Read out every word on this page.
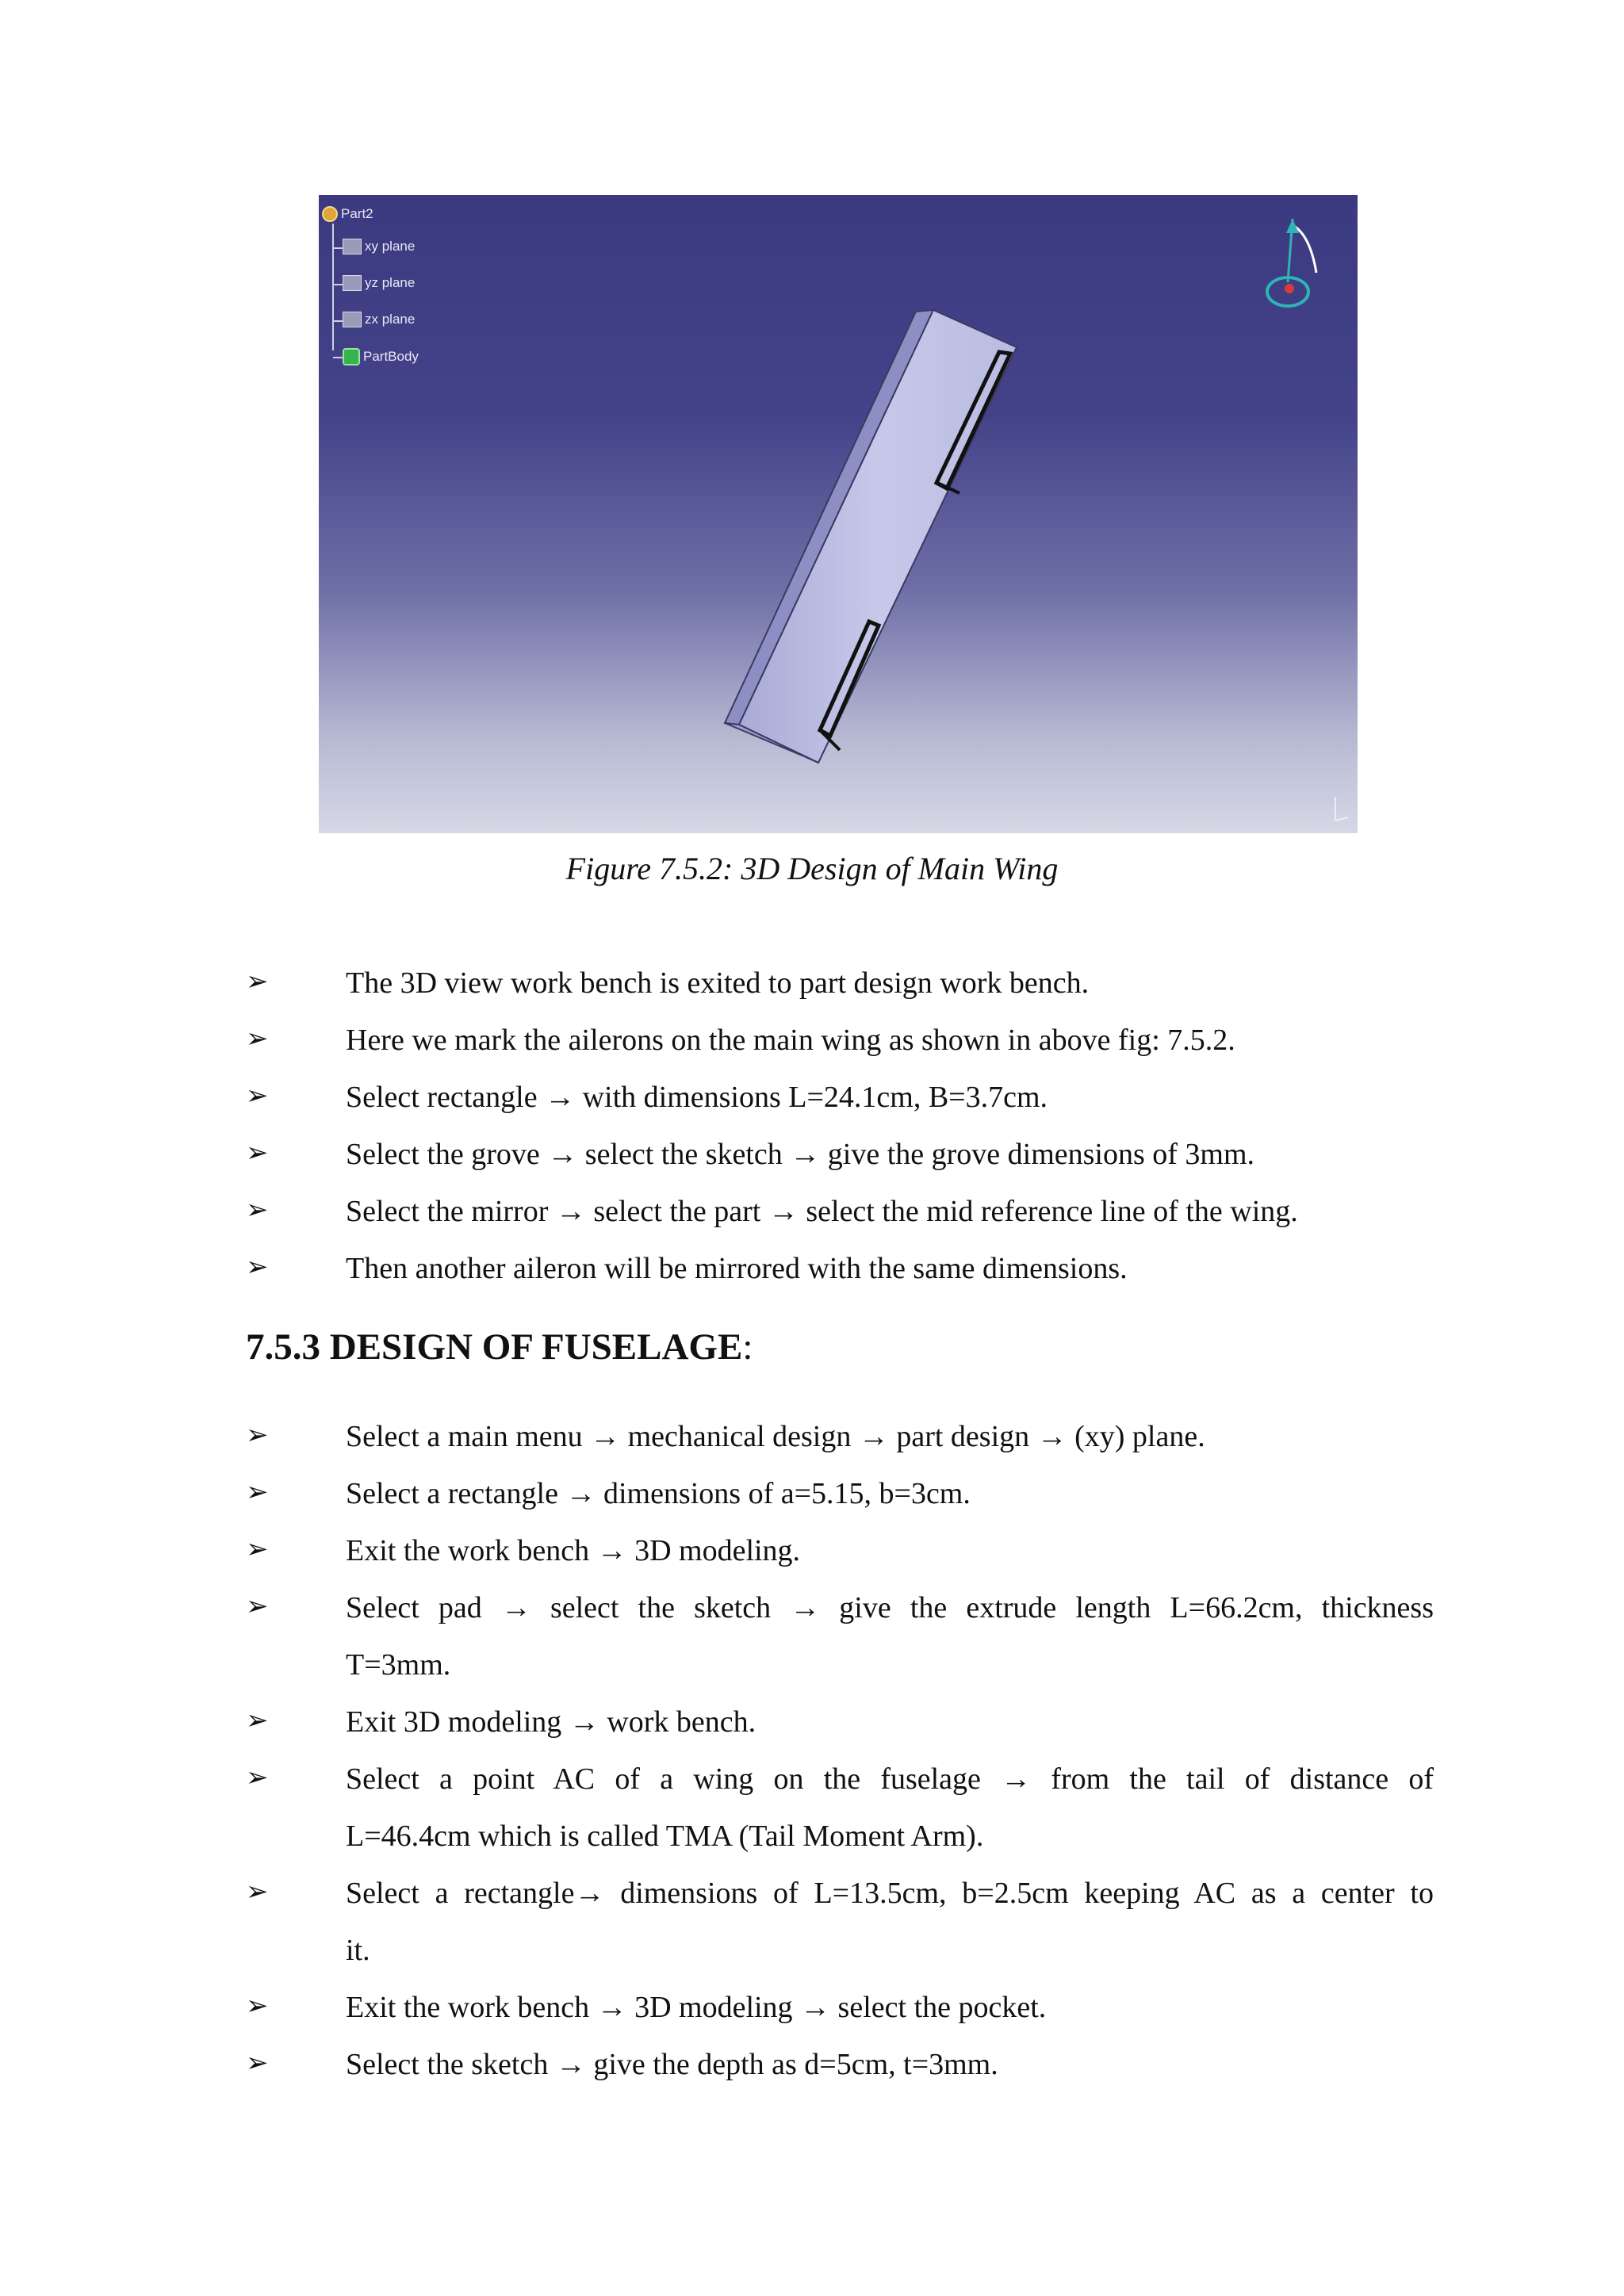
Part2
xy plane
yz plane
zx plane
PartBody
Figure 7.5.2: 3D Design of Main Wing
➢	The 3D view work bench is exited to part design work bench.
➢	Here we mark the ailerons on the main wing as shown in above fig: 7.5.2.
➢	Select rectangle → with dimensions L=24.1cm, B=3.7cm.
➢	Select the grove → select the sketch → give the grove dimensions of 3mm.
➢	Select the mirror → select the part → select the mid reference line of the wing.
➢	Then another aileron will be mirrored with the same dimensions.
7.5.3 DESIGN OF FUSELAGE:
➢	Select a main menu → mechanical design → part design → (xy) plane.
➢	Select a rectangle → dimensions of a=5.15, b=3cm.
➢	Exit the work bench → 3D modeling.
➢	Select pad → select the sketch → give the extrude length L=66.2cm, thickness
T=3mm.
➢	Exit 3D modeling → work bench.
➢	Select a point AC of a wing on the fuselage → from the tail of distance of
L=46.4cm which is called TMA (Tail Moment Arm).
➢	Select a rectangle→ dimensions of L=13.5cm, b=2.5cm keeping AC as a center to
it.
➢	Exit the work bench → 3D modeling → select the pocket.
➢	Select the sketch → give the depth as d=5cm, t=3mm.
